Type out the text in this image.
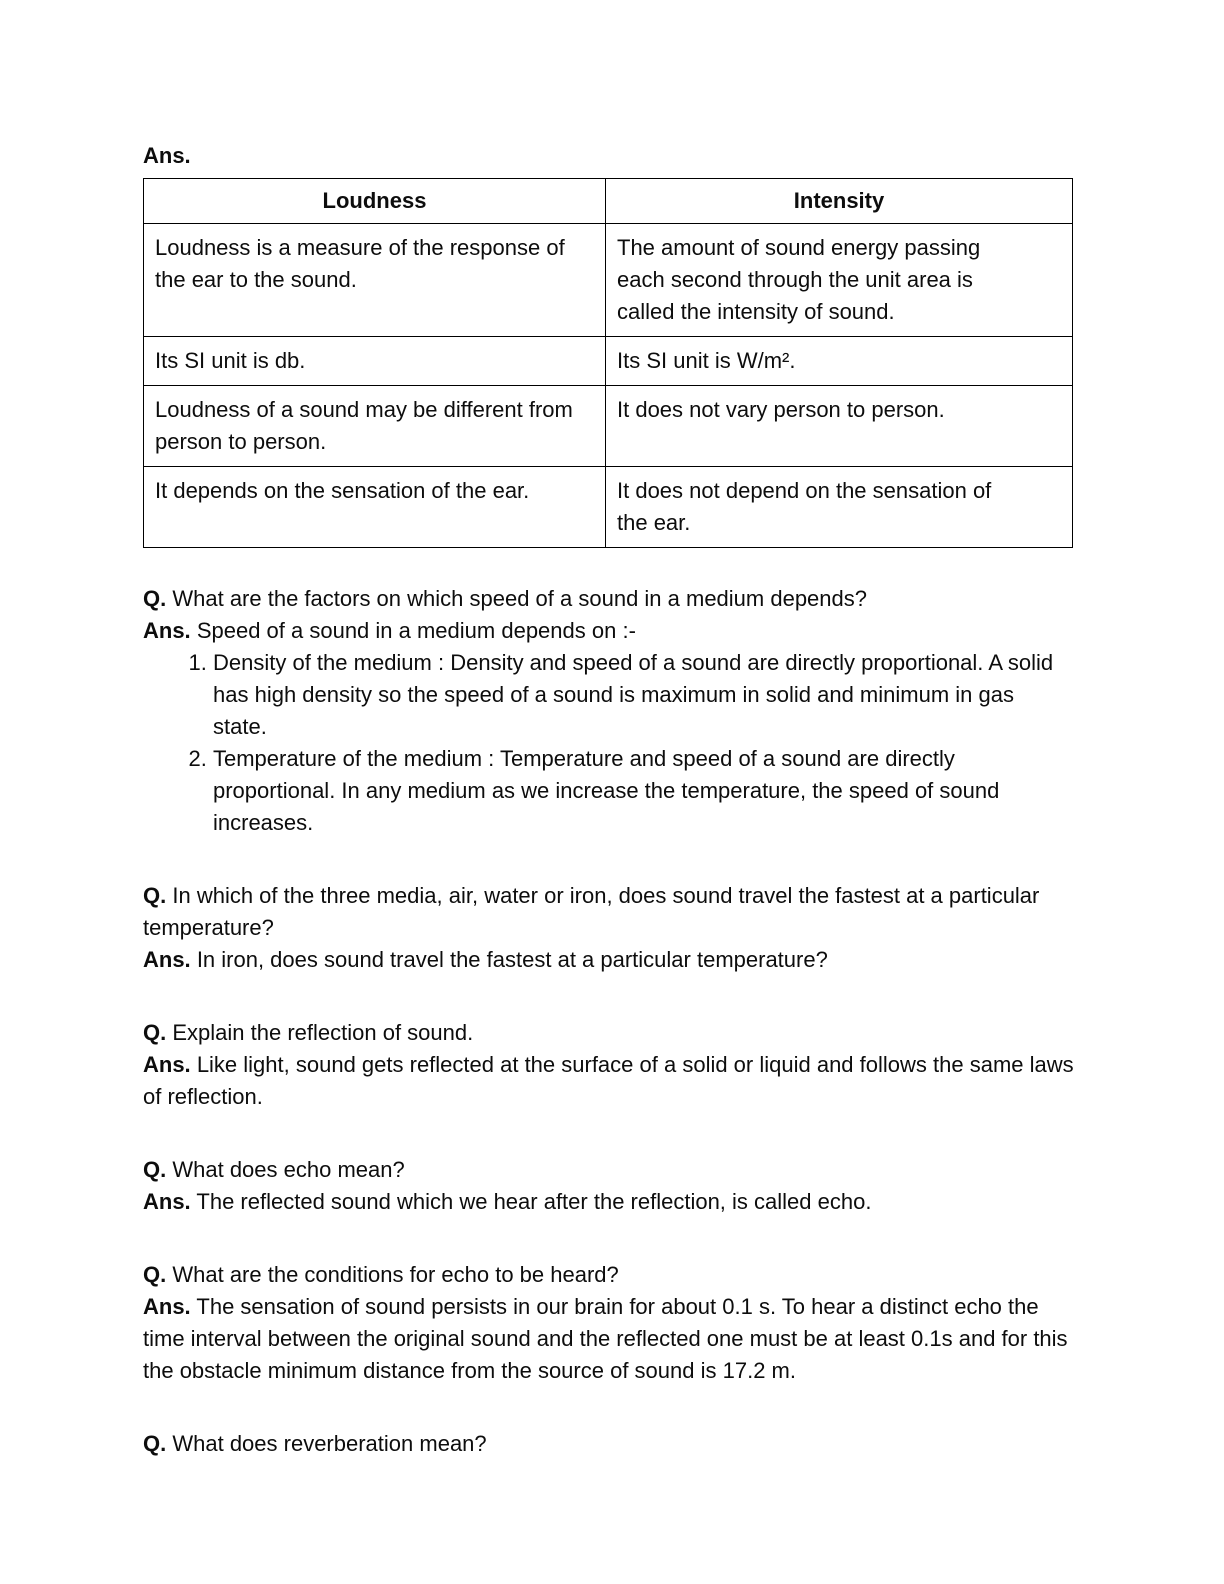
Ans.

Loudness	Intensity

Loudness is a measure of the response of the ear to the sound.	The amount of sound energy passing each second through the unit area is called the intensity of sound.

Its SI unit is db.	Its SI unit is W/m².

Loudness of a sound may be different from person to person.	It does not vary person to person.

It depends on the sensation of the ear.	It does not depend on the sensation of the ear.

Q. What are the factors on which speed of a sound in a medium depends?

Ans. Speed of a sound in a medium depends on :-

1. Density of the medium : Density and speed of a sound are directly proportional. A solid has high density so the speed of a sound is maximum in solid and minimum in gas state.
2. Temperature of the medium : Temperature and speed of a sound are directly proportional. In any medium as we increase the temperature, the speed of sound increases.

Q. In which of the three media, air, water or iron, does sound travel the fastest at a particular temperature?

Ans. In iron, does sound travel the fastest at a particular temperature?

Q. Explain the reflection of sound.

Ans. Like light, sound gets reflected at the surface of a solid or liquid and follows the same laws of reflection.

Q. What does echo mean?

Ans. The reflected sound which we hear after the reflection, is called echo.

Q. What are the conditions for echo to be heard?

Ans. The sensation of sound persists in our brain for about 0.1 s. To hear a distinct echo the time interval between the original sound and the reflected one must be at least 0.1s and for this the obstacle minimum distance from the source of sound is 17.2 m.

Q. What does reverberation mean?
